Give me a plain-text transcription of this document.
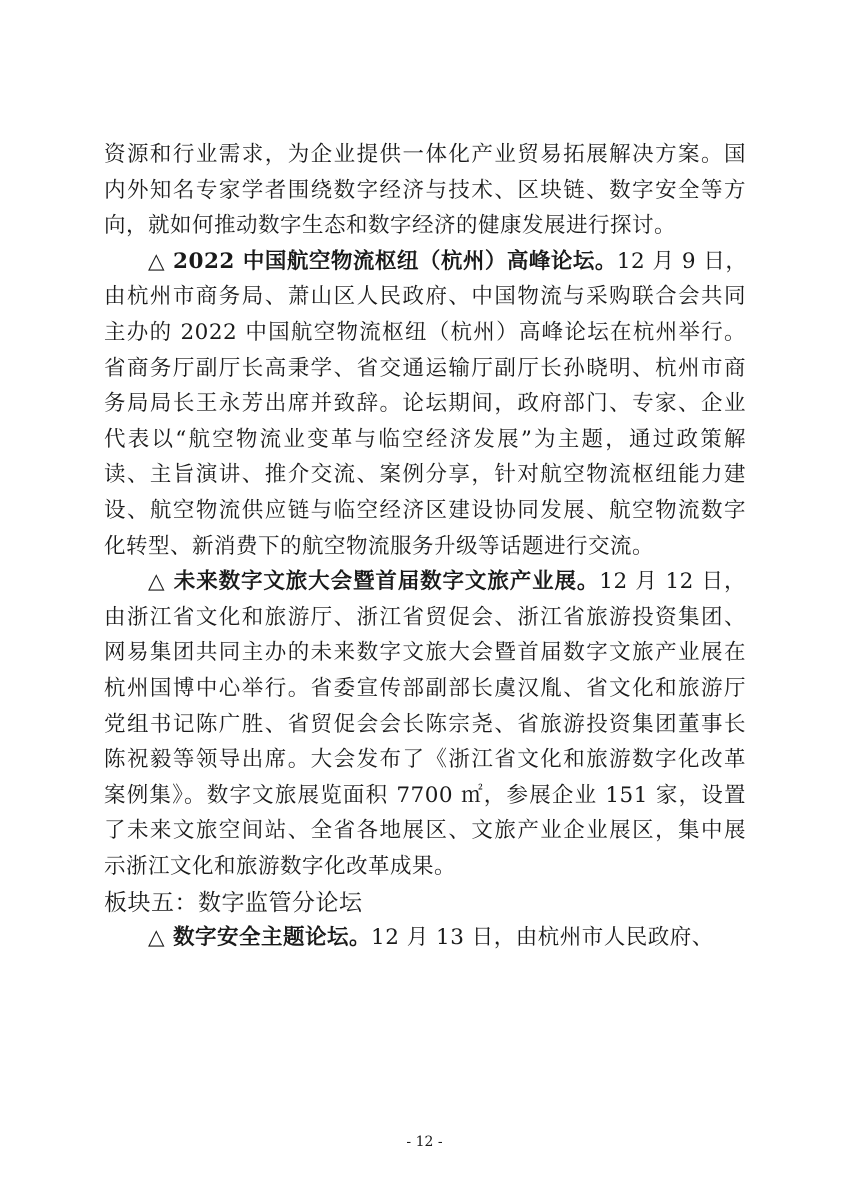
资源和行业需求，为企业提供一体化产业贸易拓展解决方案。国
内外知名专家学者围绕数字经济与技术、区块链、数字安全等方
向，就如何推动数字生态和数字经济的健康发展进行探讨。
△ 2022 中国航空物流枢纽（杭州）高峰论坛。12 月 9 日，
由杭州市商务局、萧山区人民政府、中国物流与采购联合会共同
主办的 2022 中国航空物流枢纽（杭州）高峰论坛在杭州举行。
省商务厅副厅长高秉学、省交通运输厅副厅长孙晓明、杭州市商
务局局长王永芳出席并致辞。论坛期间，政府部门、专家、企业
代表以“航空物流业变革与临空经济发展”为主题，通过政策解
读、主旨演讲、推介交流、案例分享，针对航空物流枢纽能力建
设、航空物流供应链与临空经济区建设协同发展、航空物流数字
化转型、新消费下的航空物流服务升级等话题进行交流。
△ 未来数字文旅大会暨首届数字文旅产业展。12 月 12 日，
由浙江省文化和旅游厅、浙江省贸促会、浙江省旅游投资集团、
网易集团共同主办的未来数字文旅大会暨首届数字文旅产业展在
杭州国博中心举行。省委宣传部副部长虞汉胤、省文化和旅游厅
党组书记陈广胜、省贸促会会长陈宗尧、省旅游投资集团董事长
陈祝毅等领导出席。大会发布了《浙江省文化和旅游数字化改革
案例集》。数字文旅展览面积 7700 ㎡，参展企业 151 家，设置
了未来文旅空间站、全省各地展区、文旅产业企业展区，集中展
示浙江文化和旅游数字化改革成果。
板块五：数字监管分论坛
△ 数字安全主题论坛。12 月 13 日，由杭州市人民政府、
- 12 -
